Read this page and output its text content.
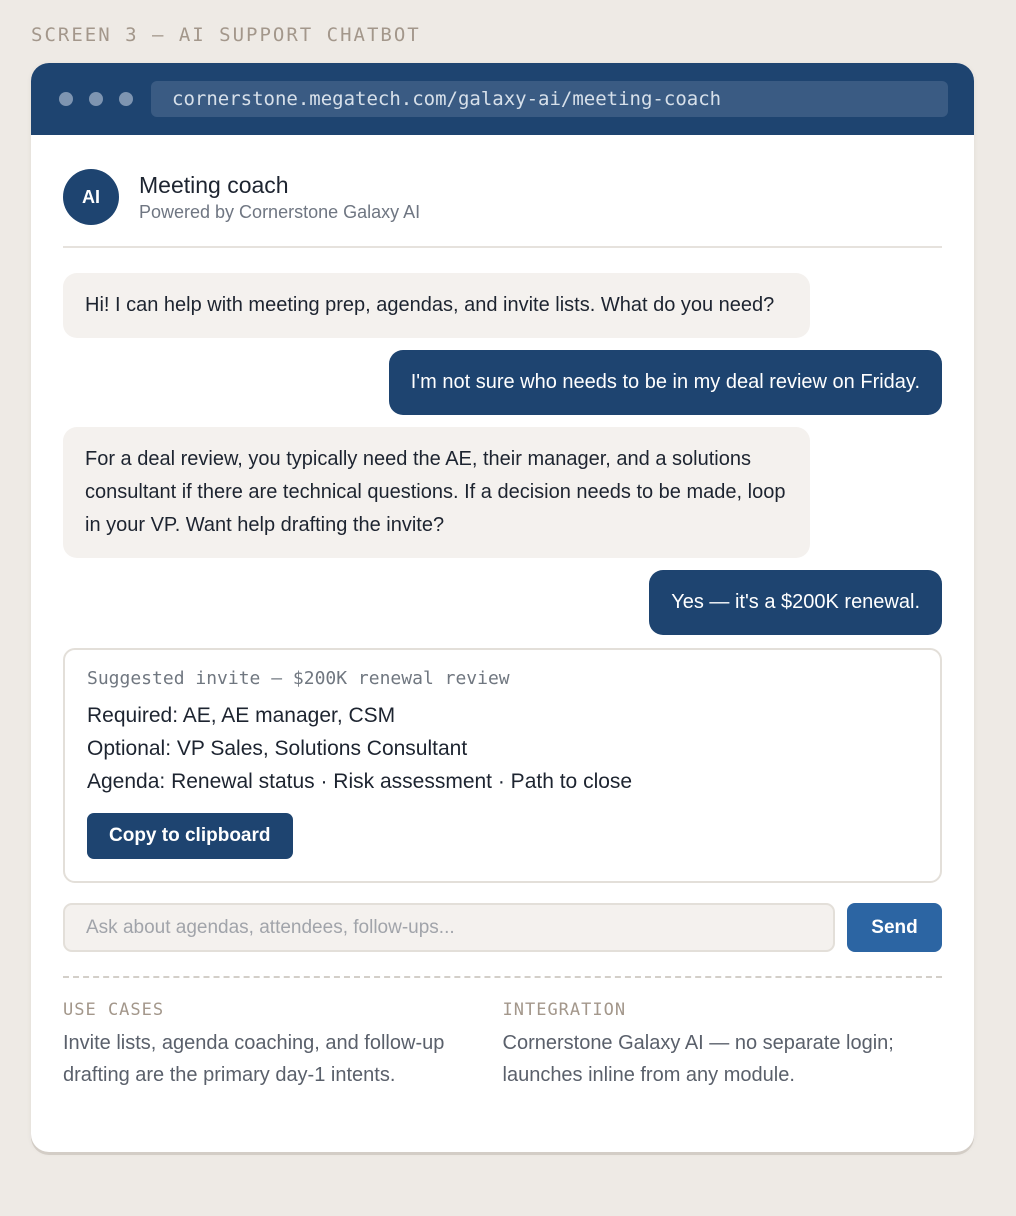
SCREEN 3 — AI SUPPORT CHATBOT
cornerstone.megatech.com/galaxy-ai/meeting-coach
AI	Meeting coach
Powered by Cornerstone Galaxy AI
Hi! I can help with meeting prep, agendas, and invite lists. What do you need?
I'm not sure who needs to be in my deal review on Friday.
For a deal review, you typically need the AE, their manager, and a solutions consultant if there are technical questions. If a decision needs to be made, loop in your VP. Want help drafting the invite?
Yes — it's a $200K renewal.
Suggested invite — $200K renewal review
Required: AE, AE manager, CSM
Optional: VP Sales, Solutions Consultant
Agenda: Renewal status · Risk assessment · Path to close
Copy to clipboard
Ask about agendas, attendees, follow-ups...
Send
USE CASES
Invite lists, agenda coaching, and follow-up drafting are the primary day-1 intents.
INTEGRATION
Cornerstone Galaxy AI — no separate login; launches inline from any module.
